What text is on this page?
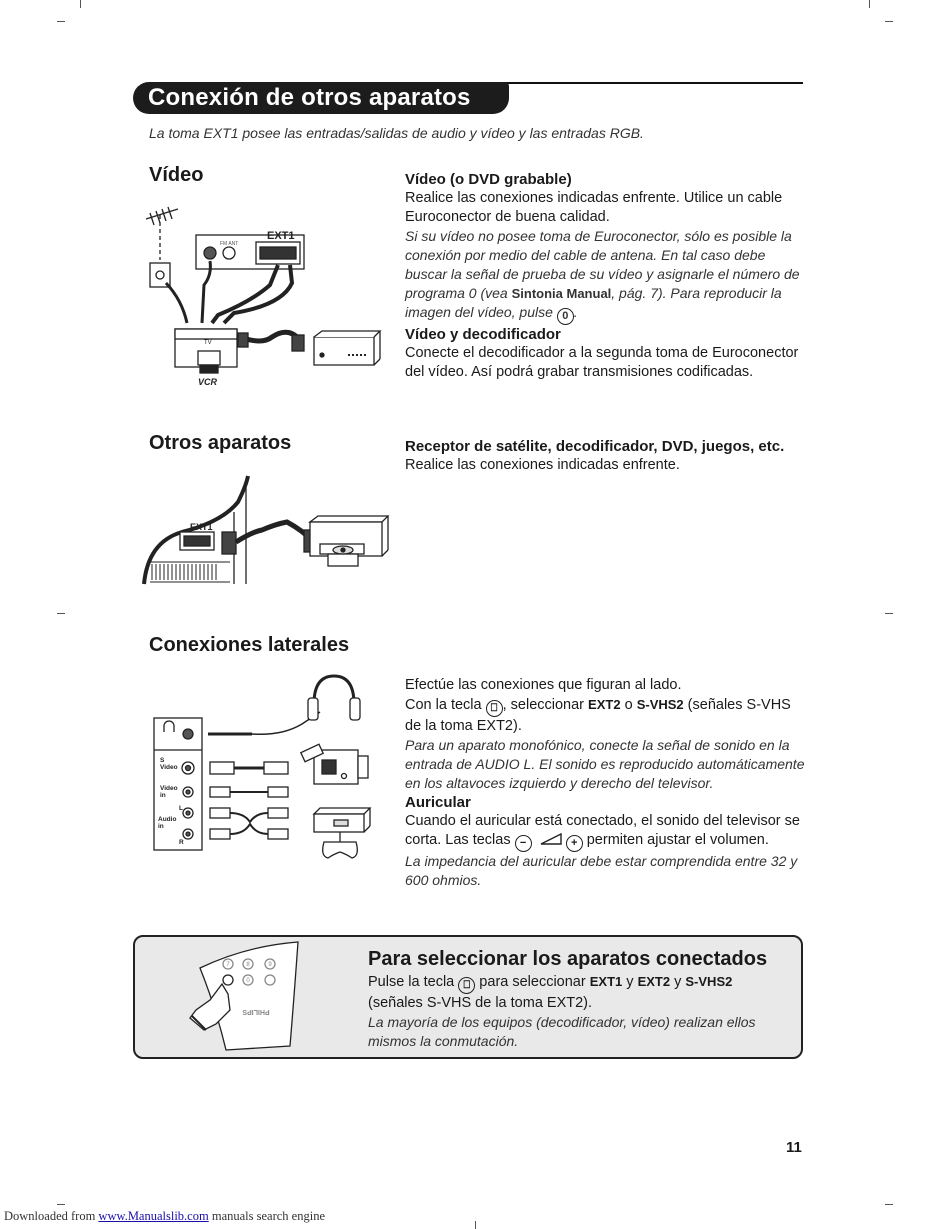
Conexión de otros aparatos
La toma EXT1 posee las entradas/salidas de audio y vídeo y las entradas RGB.
Vídeo
EXT1
FM ANT
TV
VCR

Vídeo (o DVD grabable)

Realice las conexiones indicadas enfrente. Utilice un cable Euroconector de buena calidad.

Si su vídeo no posee toma de Euroconector, sólo es posible la conexión por medio del cable de antena. En tal caso debe buscar la señal de prueba de su vídeo y asignarle el número de programa 0 (vea Sintonia Manual, pág. 7). Para reproducir la imagen del vídeo, pulse 0 .

Vídeo y decodificador

Conecte el decodificador a la segunda toma de Euroconector del vídeo. Así podrá grabar transmisiones codificadas.

Otros aparatos
EXT1

Receptor de satélite, decodificador, DVD, juegos, etc.

Realice las conexiones indicadas enfrente.

Conexiones laterales
S Video
Video in
Audio in
L
R

Efectúe las conexiones que figuran al lado.

Con la tecla ⎕ , seleccionar EXT2 o S-VHS2 (señales S-VHS de la toma EXT2).

Para un aparato monofónico, conecte la señal de sonido en la entrada de AUDIO L. El sonido es reproducido automáticamente en los altavoces izquierdo y derecho del televisor.

Auricular

Cuando el auricular está conectado, el sonido del televisor se corta. Las teclas −	+ permiten ajustar el volumen.

La impedancia del auricular debe estar comprendida entre 32 y 600 ohmios.

7	8	9
0
PHILIPS
Para seleccionar los aparatos conectados

Pulse la tecla ⎕ para seleccionar EXT1 y EXT2 y S-VHS2

(señales S-VHS de la toma EXT2).

La mayoría de los equipos (decodificador, vídeo) realizan ellos mismos la conmutación.

11
Downloaded from www.Manualslib.com manuals search engine
